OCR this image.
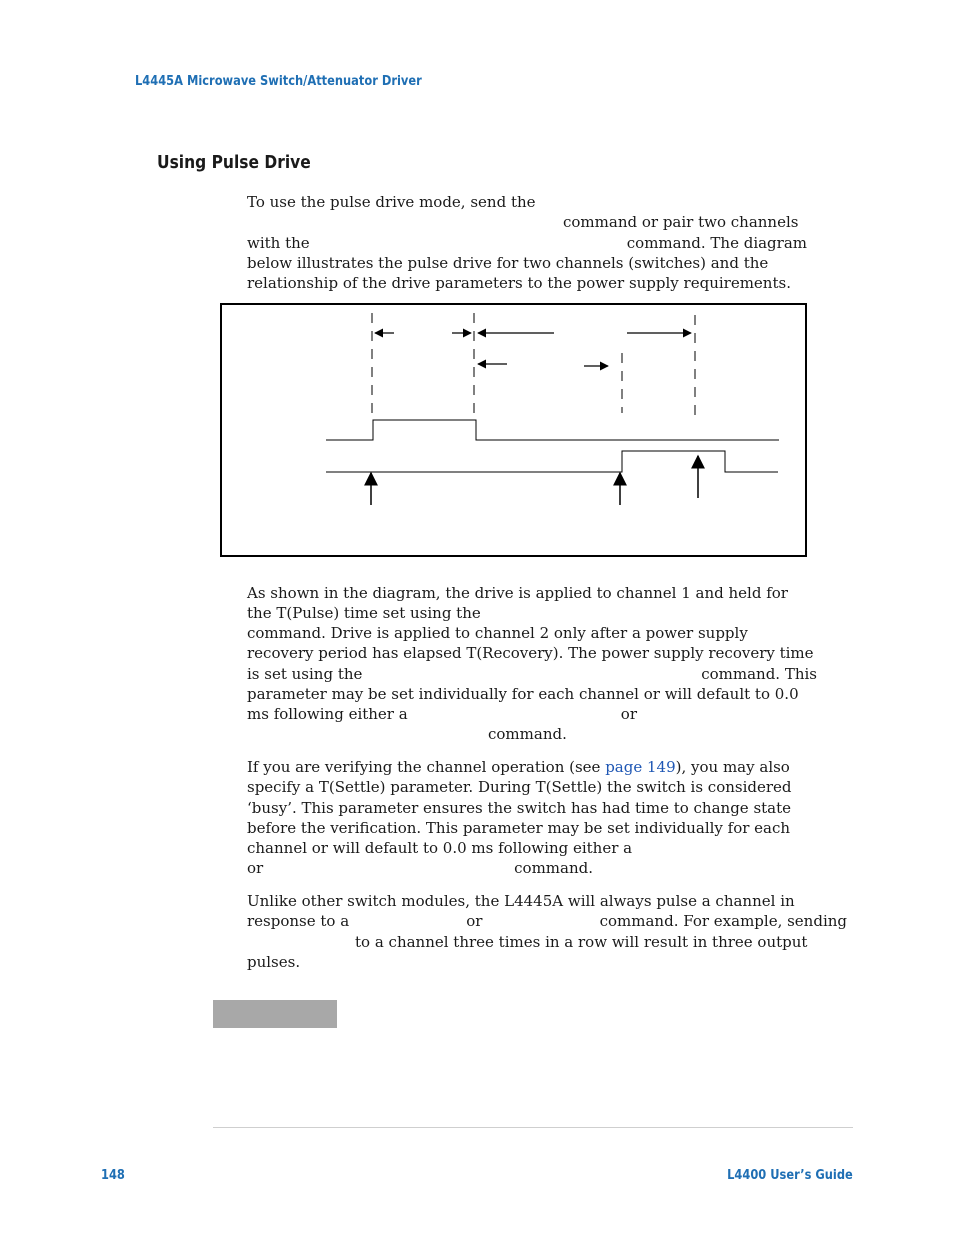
L4445A Microwave Switch/Attenuator Driver
Using Pulse Drive
To use the pulse drive mode, send the
command or pair two channels
with the	command. The diagram
below illustrates the pulse drive for two channels (switches) and the
relationship of the drive parameters to the power supply requirements.
As shown in the diagram, the drive is applied to channel 1 and held for
the T(Pulse) time set using the
command. Drive is applied to channel 2 only after a power supply
recovery period has elapsed T(Recovery). The power supply recovery time
is set using the	command. This
parameter may be set individually for each channel or will default to 0.0
ms following either a	or
command.
If you are verifying the channel operation (see page 149 ), you may also
specify a T(Settle) parameter. During T(Settle) the switch is considered
‘busy’. This parameter ensures the switch has had time to change state
before the verification. This parameter may be set individually for each
channel or will default to 0.0 ms following either a
or	command.
Unlike other switch modules, the L4445A will always pulse a channel in
response to a	or	command. For example, sending
to a channel three times in a row will result in three output
pulses.
148	L4400 User’s Guide
